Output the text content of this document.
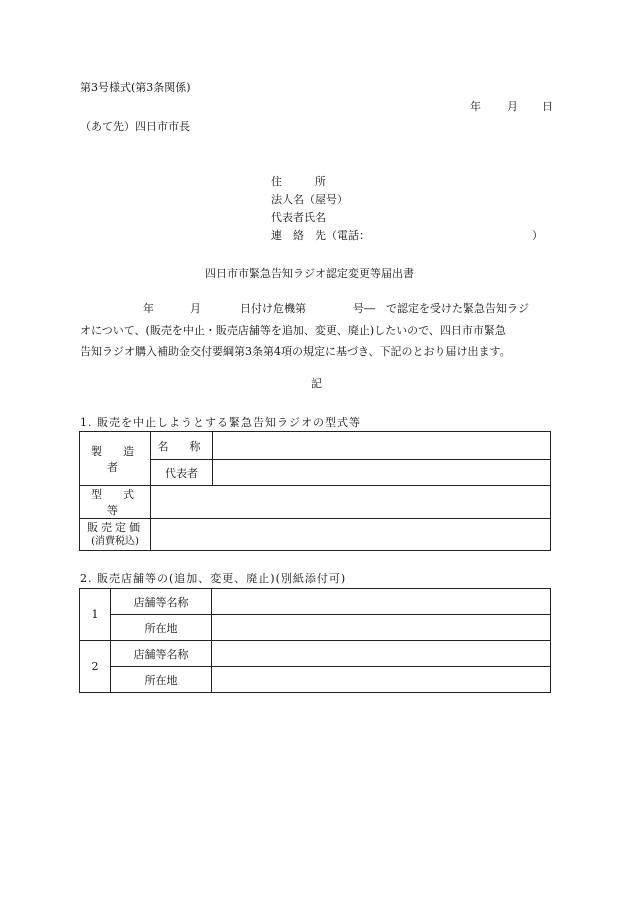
第3号様式(第3条関係)
年 月 日
（あて先）四日市市長
住　　　所
法人名（屋号）
代表者氏名
連　絡　先（電話：	）
四日市市緊急告知ラジオ認定変更等届出書
年	月	日付け危機第	号―　で認定を受けた緊急告知ラジ
オについて、(販売を中止・販売店舗等を追加、変更、廃止)したいので、四日市市緊急
告知ラジオ購入補助金交付要綱第3条第4項の規定に基づき、下記のとおり届け出ます。
記
1. 販売を中止しようとする緊急告知ラジオの型式等
製　造　者	名　称	
	代表者	
型　式　等		

販売定価
(消費税込)		

2. 販売店舗等の(追加、変更、廃止)(別紙添付可)
1	店舗等名称	
	所在地	
2	店舗等名称	
	所在地	
